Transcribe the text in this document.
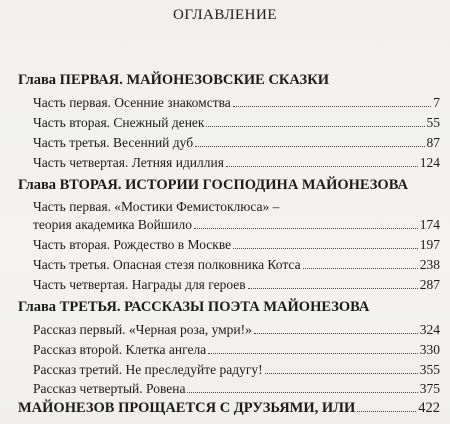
ОГЛАВЛЕНИЕ
Глава ПЕРВАЯ. МАЙОНЕЗОВСКИЕ СКАЗКИ
Часть первая. Осенние знакомства	7
Часть вторая. Снежный денек	55
Часть третья. Весенний дуб	87
Часть четвертая. Летняя идиллия	124
Глава ВТОРАЯ. ИСТОРИИ ГОСПОДИНА МАЙОНЕЗОВА
Часть первая. «Мостики Фемистоклюса» –
теория академика Войшило	174
Часть вторая. Рождество в Москве	197
Часть третья. Опасная стезя полковника Котса	238
Часть четвертая. Награды для героев	287
Глава ТРЕТЬЯ. РАССКАЗЫ ПОЭТА МАЙОНЕЗОВА
Рассказ первый. «Черная роза, умри!»	324
Рассказ второй. Клетка ангела	330
Рассказ третий. Не преследуйте радугу!	355
Рассказ четвертый. Ровена	375
МАЙОНЕЗОВ ПРОЩАЕТСЯ С ДРУЗЬЯМИ, ИЛИ	422
